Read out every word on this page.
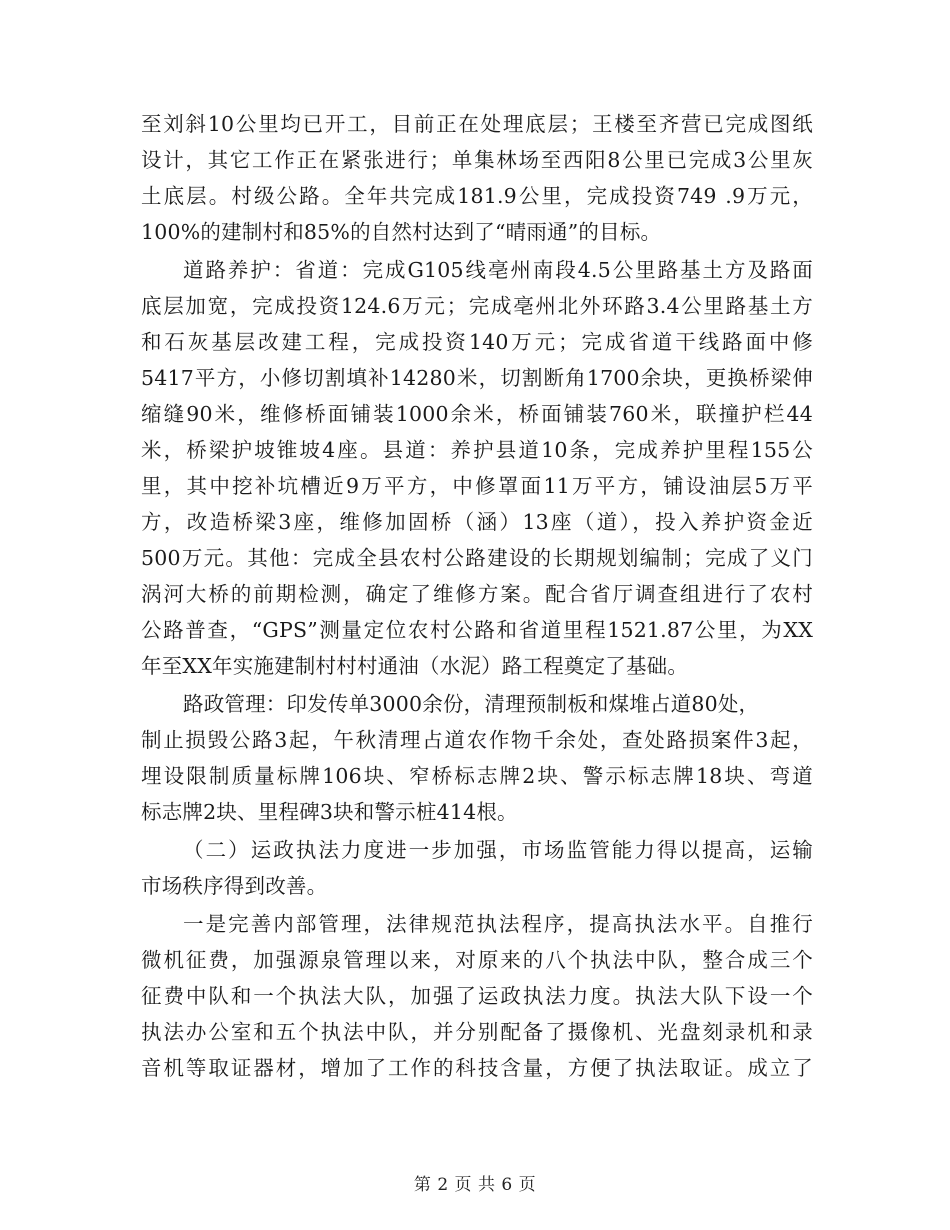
至刘斜10公里均已开工，目前正在处理底层；王楼至齐营已完成图纸
设计，其它工作正在紧张进行；单集林场至西阳8公里已完成3公里灰
土底层。村级公路。全年共完成181.9公里，完成投资749 .9万元，
100%的建制村和85%的自然村达到了“晴雨通”的目标。
道路养护：省道：完成G105线亳州南段4.5公里路基土方及路面
底层加宽，完成投资124.6万元；完成亳州北外环路3.4公里路基土方
和石灰基层改建工程，完成投资140万元；完成省道干线路面中修
5417平方，小修切割填补14280米，切割断角1700余块，更换桥梁伸
缩缝90米，维修桥面铺装1000余米，桥面铺装760米，联撞护栏44
米，桥梁护坡锥坡4座。县道：养护县道10条，完成养护里程155公
里，其中挖补坑槽近9万平方，中修罩面11万平方，铺设油层5万平
方，改造桥梁3座，维修加固桥（涵）13座（道），投入养护资金近
500万元。其他：完成全县农村公路建设的长期规划编制；完成了义门
涡河大桥的前期检测，确定了维修方案。配合省厅调查组进行了农村
公路普查，“GPS”测量定位农村公路和省道里程1521.87公里，为XX
年至XX年实施建制村村村通油（水泥）路工程奠定了基础。
路政管理：印发传单3000余份，清理预制板和煤堆占道80处，
制止损毁公路3起，午秋清理占道农作物千余处，查处路损案件3起，
埋设限制质量标牌106块、窄桥标志牌2块、警示标志牌18块、弯道
标志牌2块、里程碑3块和警示桩414根。
（二）运政执法力度进一步加强，市场监管能力得以提高，运输
市场秩序得到改善。
一是完善内部管理，法律规范执法程序，提高执法水平。自推行
微机征费，加强源泉管理以来，对原来的八个执法中队，整合成三个
征费中队和一个执法大队，加强了运政执法力度。执法大队下设一个
执法办公室和五个执法中队，并分别配备了摄像机、光盘刻录机和录
音机等取证器材，增加了工作的科技含量，方便了执法取证。成立了
第 2 页 共 6 页
